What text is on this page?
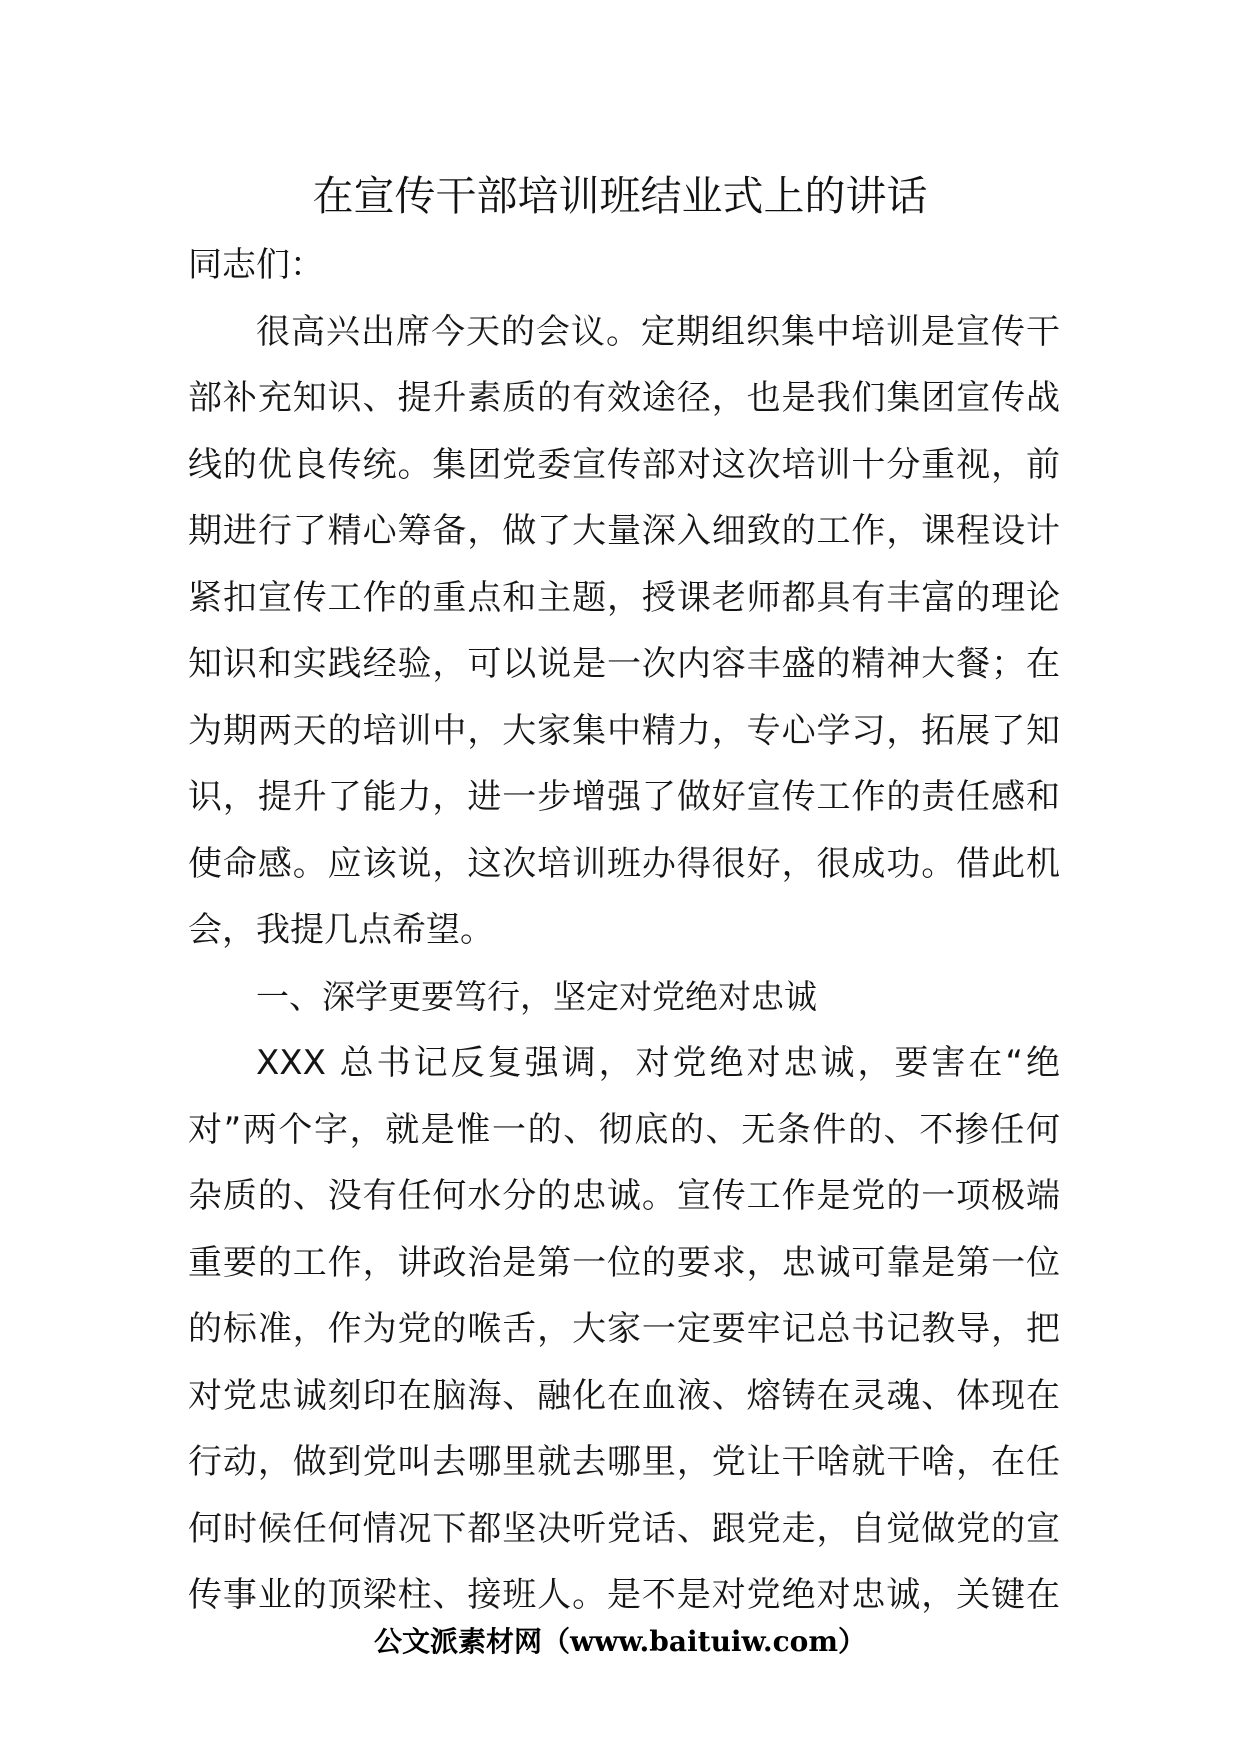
在宣传干部培训班结业式上的讲话
同志们：
很高兴出席今天的会议。定期组织集中培训是宣传干
部补充知识、提升素质的有效途径，也是我们集团宣传战
线的优良传统。集团党委宣传部对这次培训十分重视，前
期进行了精心筹备，做了大量深入细致的工作，课程设计
紧扣宣传工作的重点和主题，授课老师都具有丰富的理论
知识和实践经验，可以说是一次内容丰盛的精神大餐；在
为期两天的培训中，大家集中精力，专心学习，拓展了知
识，提升了能力，进一步增强了做好宣传工作的责任感和
使命感。应该说，这次培训班办得很好，很成功。借此机
会，我提几点希望。
一、深学更要笃行，坚定对党绝对忠诚
XXX 总书记反复强调，对党绝对忠诚，要害在“绝
对”两个字，就是惟一的、彻底的、无条件的、不掺任何
杂质的、没有任何水分的忠诚。宣传工作是党的一项极端
重要的工作，讲政治是第一位的要求，忠诚可靠是第一位
的标准，作为党的喉舌，大家一定要牢记总书记教导，把
对党忠诚刻印在脑海、融化在血液、熔铸在灵魂、体现在
行动，做到党叫去哪里就去哪里，党让干啥就干啥，在任
何时候任何情况下都坚决听党话、跟党走，自觉做党的宣
传事业的顶梁柱、接班人。是不是对党绝对忠诚，关键在
公文派素材网（www.baituiw.com）
